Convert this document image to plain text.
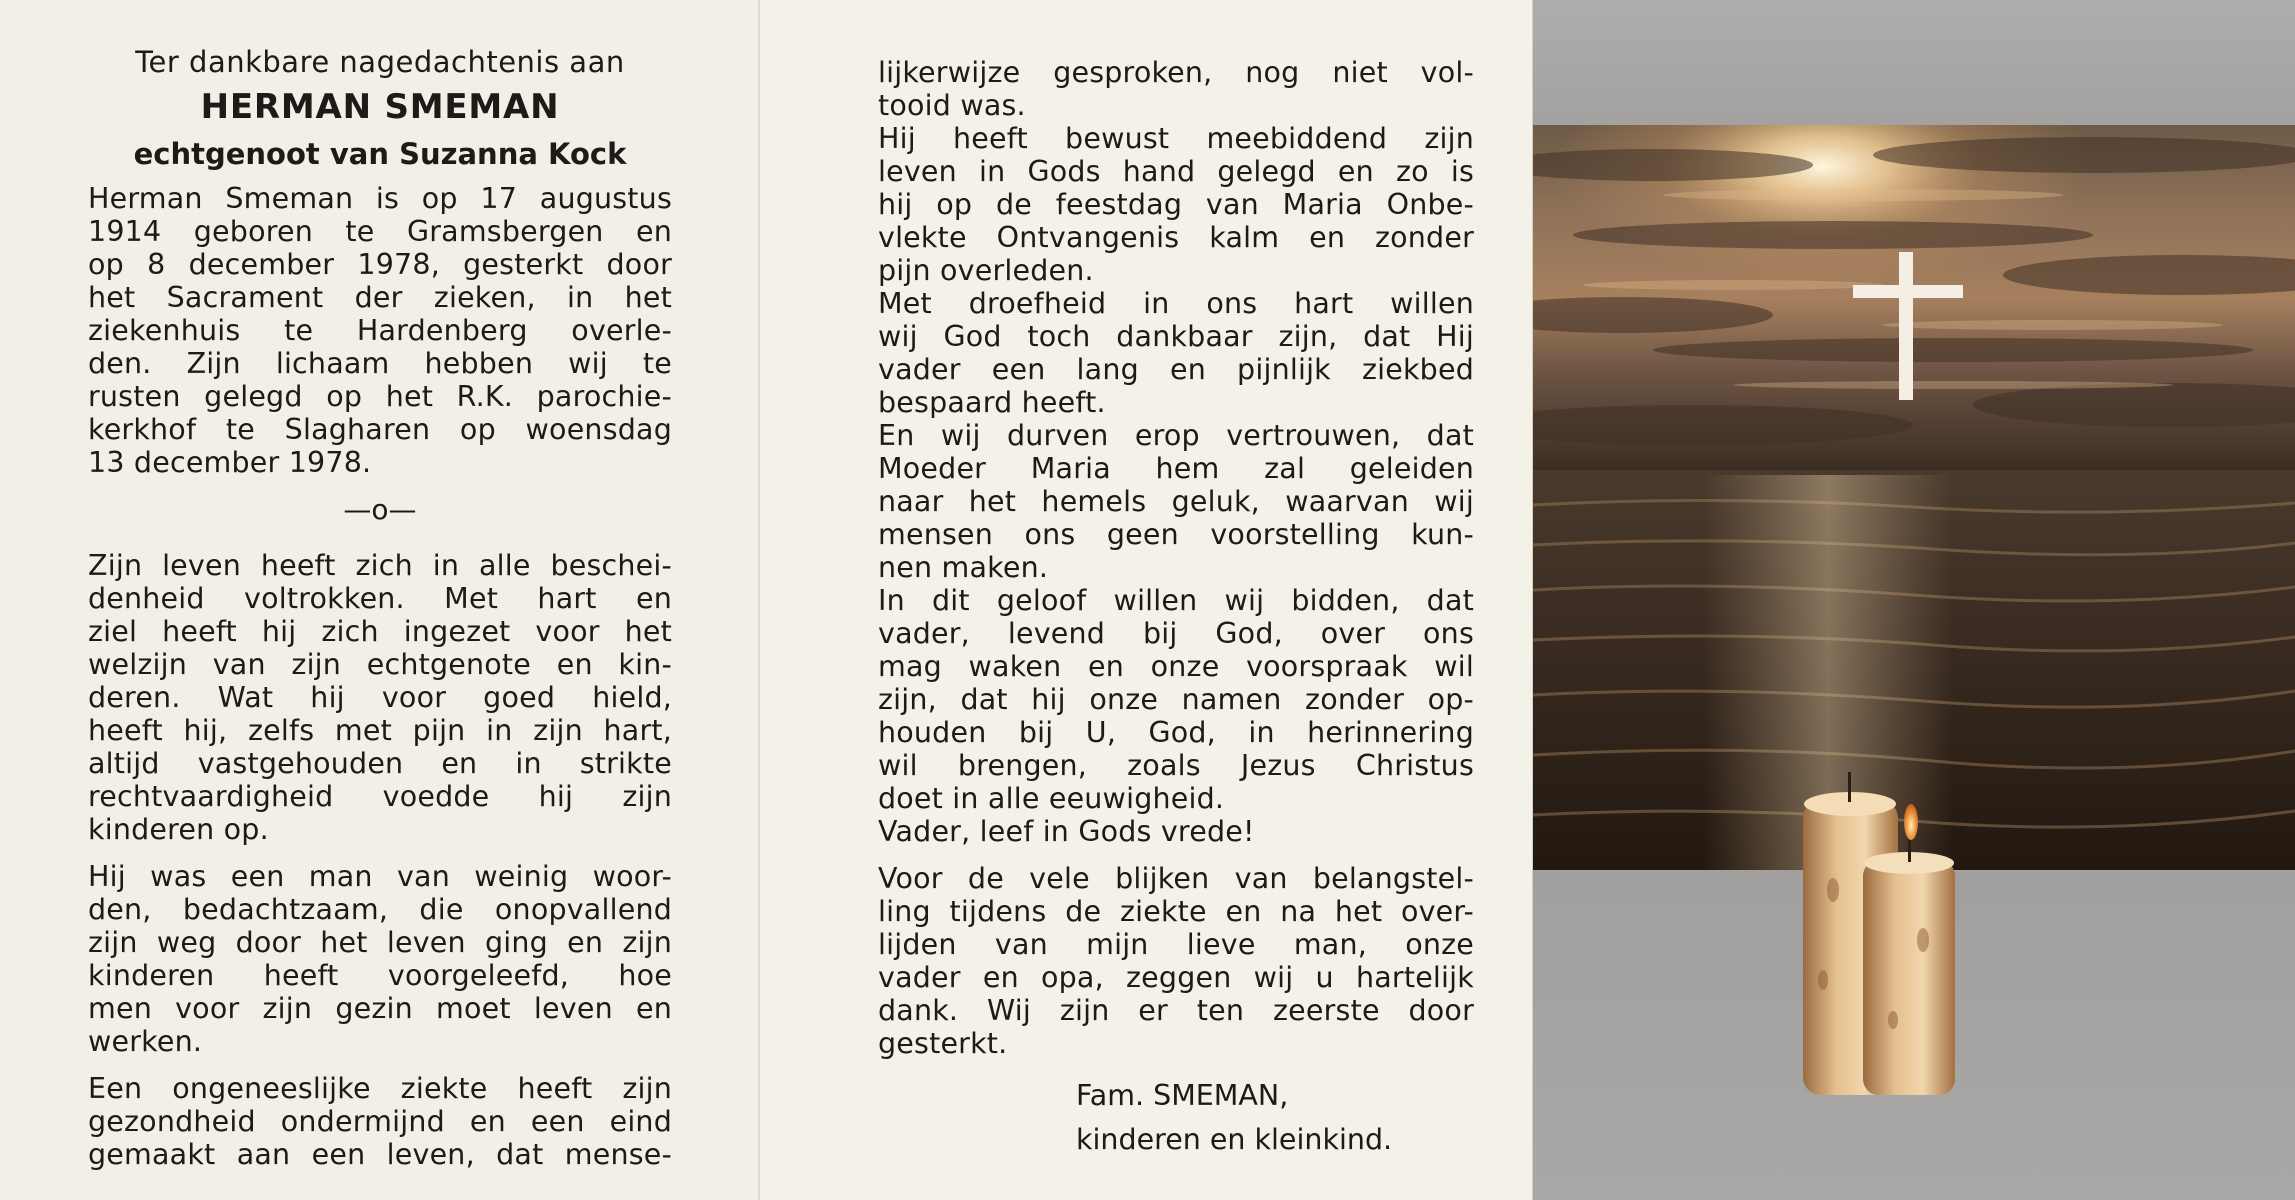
Ter dankbare nagedachtenis aan
HERMAN SMEMAN
echtgenoot van Suzanna Kock
Herman Smeman is op 17 augustus
1914 geboren te Gramsbergen en
op 8 december 1978, gesterkt door
het Sacrament der zieken, in het
ziekenhuis te Hardenberg overle-
den. Zijn lichaam hebben wij te
rusten gelegd op het R.K. parochie-
kerkhof te Slagharen op woensdag
13 december 1978.
—o—
Zijn leven heeft zich in alle beschei-
denheid voltrokken. Met hart en
ziel heeft hij zich ingezet voor het
welzijn van zijn echtgenote en kin-
deren. Wat hij voor goed hield,
heeft hij, zelfs met pijn in zijn hart,
altijd vastgehouden en in strikte
rechtvaardigheid voedde hij zijn
kinderen op.
Hij was een man van weinig woor-
den, bedachtzaam, die onopvallend
zijn weg door het leven ging en zijn
kinderen heeft voorgeleefd, hoe
men voor zijn gezin moet leven en
werken.
Een ongeneeslijke ziekte heeft zijn
gezondheid ondermijnd en een eind
gemaakt aan een leven, dat mense-
lijkerwijze gesproken, nog niet vol-
tooid was.
Hij heeft bewust meebiddend zijn
leven in Gods hand gelegd en zo is
hij op de feestdag van Maria Onbe-
vlekte Ontvangenis kalm en zonder
pijn overleden.
Met droefheid in ons hart willen
wij God toch dankbaar zijn, dat Hij
vader een lang en pijnlijk ziekbed
bespaard heeft.
En wij durven erop vertrouwen, dat
Moeder Maria hem zal geleiden
naar het hemels geluk, waarvan wij
mensen ons geen voorstelling kun-
nen maken.
In dit geloof willen wij bidden, dat
vader, levend bij God, over ons
mag waken en onze voorspraak wil
zijn, dat hij onze namen zonder op-
houden bij U, God, in herinnering
wil brengen, zoals Jezus Christus
doet in alle eeuwigheid.
Vader, leef in Gods vrede!
Voor de vele blijken van belangstel-
ling tijdens de ziekte en na het over-
lijden van mijn lieve man, onze
vader en opa, zeggen wij u hartelijk
dank. Wij zijn er ten zeerste door
gesterkt.
Fam. SMEMAN,
kinderen en kleinkind.
